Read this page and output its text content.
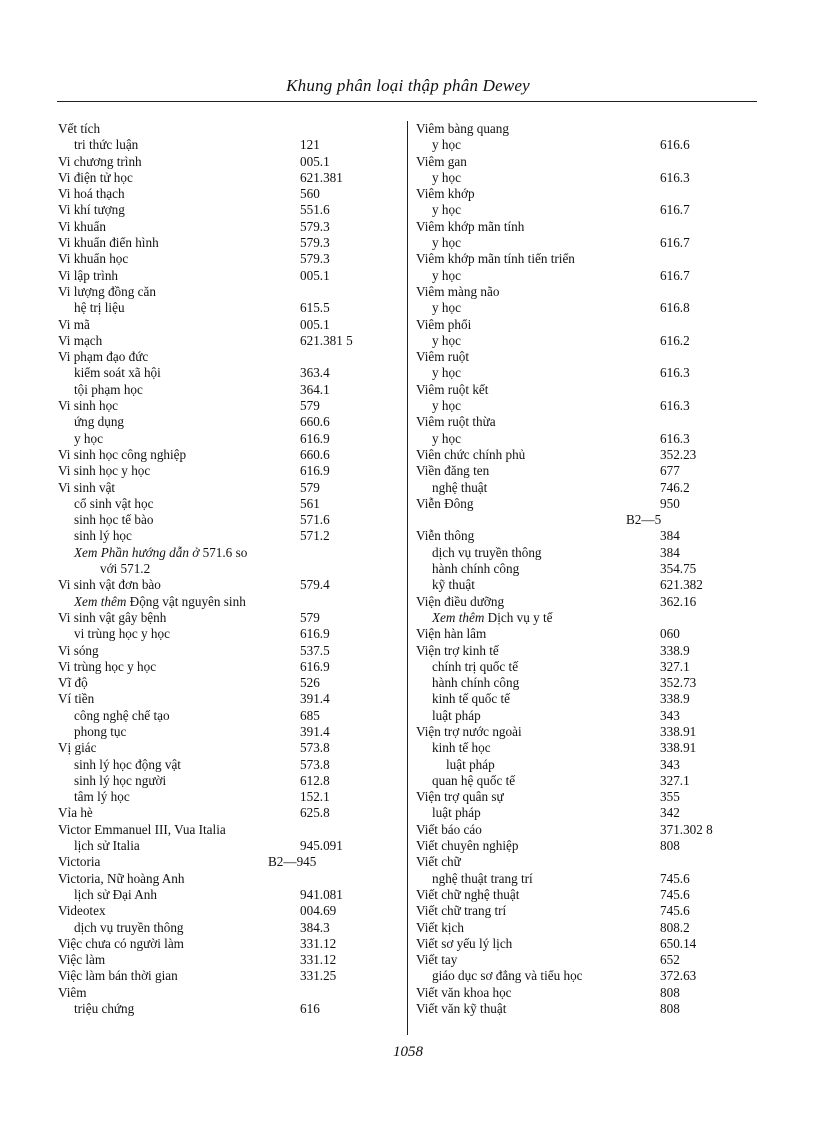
Khung phân loại thập phân Dewey
Vết tích
tri thức luận	121
Vi chương trình	005.1
Vi điện tử học	621.381
Vi hoá thạch	560
Vi khí tượng	551.6
Vi khuẩn	579.3
Vi khuẩn điển hình	579.3
Vi khuẩn học	579.3
Vi lập trình	005.1
Vi lượng đồng căn
hệ trị liệu	615.5
Vi mã	005.1
Vi mạch	621.381 5
Vi phạm đạo đức
kiểm soát xã hội	363.4
tội phạm học	364.1
Vi sinh học	579
ứng dụng	660.6
y học	616.9
Vi sinh học công nghiệp	660.6
Vi sinh học y học	616.9
Vi sinh vật	579
cổ sinh vật học	561
sinh học tế bào	571.6
sinh lý học	571.2
Xem Phần hướng dẫn ở 571.6 so
với 571.2
Vi sinh vật đơn bào	579.4
Xem thêm Động vật nguyên sinh
Vi sinh vật gây bệnh	579
vi trùng học y học	616.9
Vi sóng	537.5
Vi trùng học y học	616.9
Vĩ độ	526
Ví tiền	391.4
công nghệ chế tạo	685
phong tục	391.4
Vị giác	573.8
sinh lý học động vật	573.8
sinh lý học người	612.8
tâm lý học	152.1
Vỉa hè	625.8
Victor Emmanuel III, Vua Italia
lịch sử Italia	945.091
Victoria	B2—945
Victoria, Nữ hoàng Anh
lịch sử Đại Anh	941.081
Videotex	004.69
dịch vụ truyền thông	384.3
Việc chưa có người làm	331.12
Việc làm	331.12
Việc làm bán thời gian	331.25
Viêm
triệu chứng	616
Viêm bàng quang
y học	616.6
Viêm gan
y học	616.3
Viêm khớp
y học	616.7
Viêm khớp mãn tính
y học	616.7
Viêm khớp mãn tính tiến triển
y học	616.7
Viêm màng não
y học	616.8
Viêm phổi
y học	616.2
Viêm ruột
y học	616.3
Viêm ruột kết
y học	616.3
Viêm ruột thừa
y học	616.3
Viên chức chính phủ	352.23
Viền đăng ten	677
nghệ thuật	746.2
Viễn Đông	950
B2—5
Viễn thông	384
dịch vụ truyền thông	384
hành chính công	354.75
kỹ thuật	621.382
Viện điều dưỡng	362.16
Xem thêm Dịch vụ y tế
Viện hàn lâm	060
Viện trợ kinh tế	338.9
chính trị quốc tế	327.1
hành chính công	352.73
kinh tế quốc tế	338.9
luật pháp	343
Viện trợ nước ngoài	338.91
kinh tế học	338.91
luật pháp	343
quan hệ quốc tế	327.1
Viện trợ quân sự	355
luật pháp	342
Viết báo cáo	371.302 8
Viết chuyên nghiệp	808
Viết chữ
nghệ thuật trang trí	745.6
Viết chữ nghệ thuật	745.6
Viết chữ trang trí	745.6
Viết kịch	808.2
Viết sơ yếu lý lịch	650.14
Viết tay	652
giáo dục sơ đẳng và tiểu học	372.63
Viết văn khoa học	808
Viết văn kỹ thuật	808
1058
